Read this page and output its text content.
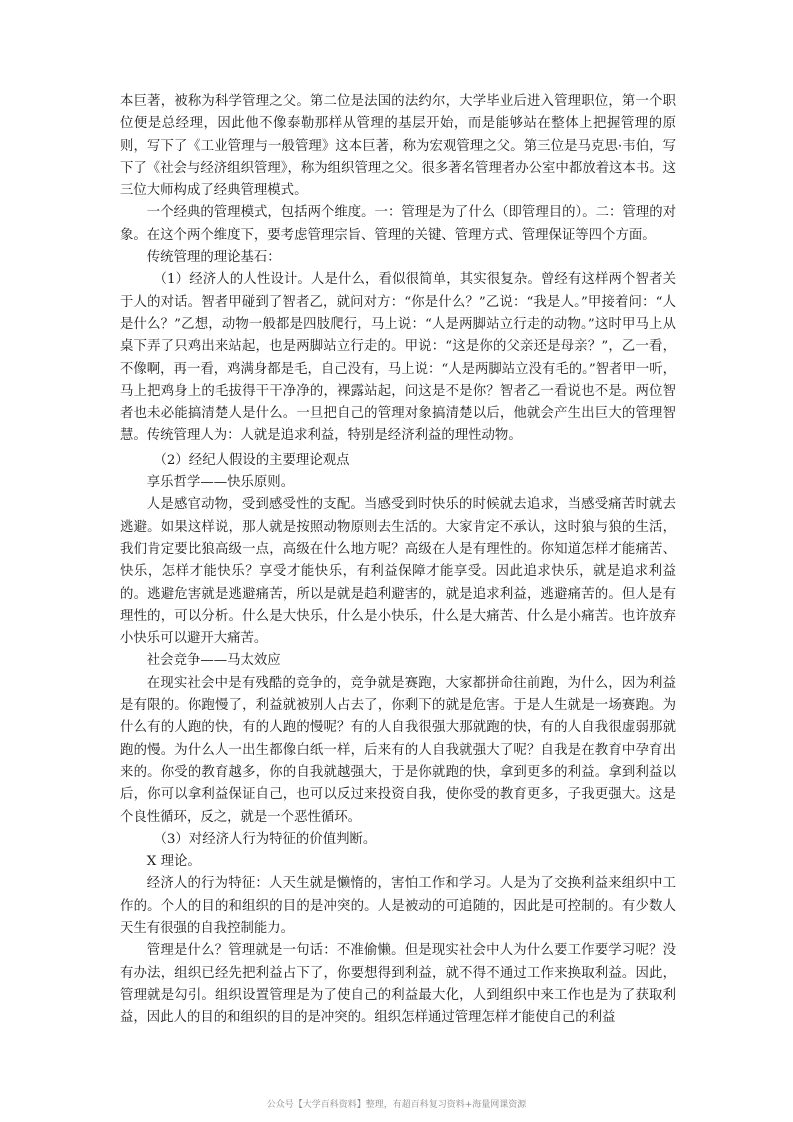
本巨著，被称为科学管理之父。第二位是法国的法约尔，大学毕业后进入管理职位，第一个职位便是总经理，因此他不像泰勒那样从管理的基层开始，而是能够站在整体上把握管理的原则，写下了《工业管理与一般管理》这本巨著，称为宏观管理之父。第三位是马克思·韦伯，写下了《社会与经济组织管理》，称为组织管理之父。很多著名管理者办公室中都放着这本书。这三位大师构成了经典管理模式。

一个经典的管理模式，包括两个维度。一：管理是为了什么（即管理目的）。二：管理的对象。在这个两个维度下，要考虑管理宗旨、管理的关键、管理方式、管理保证等四个方面。

传统管理的理论基石：

（1）经济人的人性设计。人是什么，看似很简单，其实很复杂。曾经有这样两个智者关于人的对话。智者甲碰到了智者乙，就问对方：“你是什么？”乙说：“我是人。”甲接着问：“人是什么？”乙想，动物一般都是四肢爬行，马上说：“人是两脚站立行走的动物。”这时甲马上从桌下弄了只鸡出来站起，也是两脚站立行走的。甲说：“这是你的父亲还是母亲？”，乙一看，不像啊，再一看，鸡满身都是毛，自己没有，马上说：“人是两脚站立没有毛的。”智者甲一听，马上把鸡身上的毛拔得干干净净的，裸露站起，问这是不是你？智者乙一看说也不是。两位智者也未必能搞清楚人是什么。一旦把自己的管理对象搞清楚以后，他就会产生出巨大的管理智慧。传统管理人为：人就是追求利益，特别是经济利益的理性动物。

（2）经纪人假设的主要理论观点

享乐哲学——快乐原则。

人是感官动物，受到感受性的支配。当感受到时快乐的时候就去追求，当感受痛苦时就去逃避。如果这样说，那人就是按照动物原则去生活的。大家肯定不承认，这时狼与狼的生活，我们肯定要比狼高级一点，高级在什么地方呢？高级在人是有理性的。你知道怎样才能痛苦、快乐，怎样才能快乐？享受才能快乐，有利益保障才能享受。因此追求快乐，就是追求利益的。逃避危害就是逃避痛苦，所以是就是趋利避害的，就是追求利益，逃避痛苦的。但人是有理性的，可以分析。什么是大快乐，什么是小快乐，什么是大痛苦、什么是小痛苦。也许放弃小快乐可以避开大痛苦。

社会竞争——马太效应

在现实社会中是有残酷的竞争的，竞争就是赛跑，大家都拼命往前跑，为什么，因为利益是有限的。你跑慢了，利益就被别人占去了，你剩下的就是危害。于是人生就是一场赛跑。为什么有的人跑的快，有的人跑的慢呢？有的人自我很强大那就跑的快，有的人自我很虚弱那就跑的慢。为什么人一出生都像白纸一样，后来有的人自我就强大了呢？自我是在教育中孕育出来的。你受的教育越多，你的自我就越强大，于是你就跑的快，拿到更多的利益。拿到利益以后，你可以拿利益保证自己，也可以反过来投资自我，使你受的教育更多，子我更强大。这是个良性循环，反之，就是一个恶性循环。

（3）对经济人行为特征的价值判断。

X 理论。

经济人的行为特征：人天生就是懒惰的，害怕工作和学习。人是为了交换利益来组织中工作的。个人的目的和组织的目的是冲突的。人是被动的可追随的，因此是可控制的。有少数人天生有很强的自我控制能力。

管理是什么？管理就是一句话：不准偷懒。但是现实社会中人为什么要工作要学习呢？没有办法，组织已经先把利益占下了，你要想得到利益，就不得不通过工作来换取利益。因此，管理就是勾引。组织设置管理是为了使自己的利益最大化，人到组织中来工作也是为了获取利益，因此人的目的和组织的目的是冲突的。组织怎样通过管理怎样才能使自己的利益

公众号【大学百科资料】整理，有超百科复习资料+海量网课资源
